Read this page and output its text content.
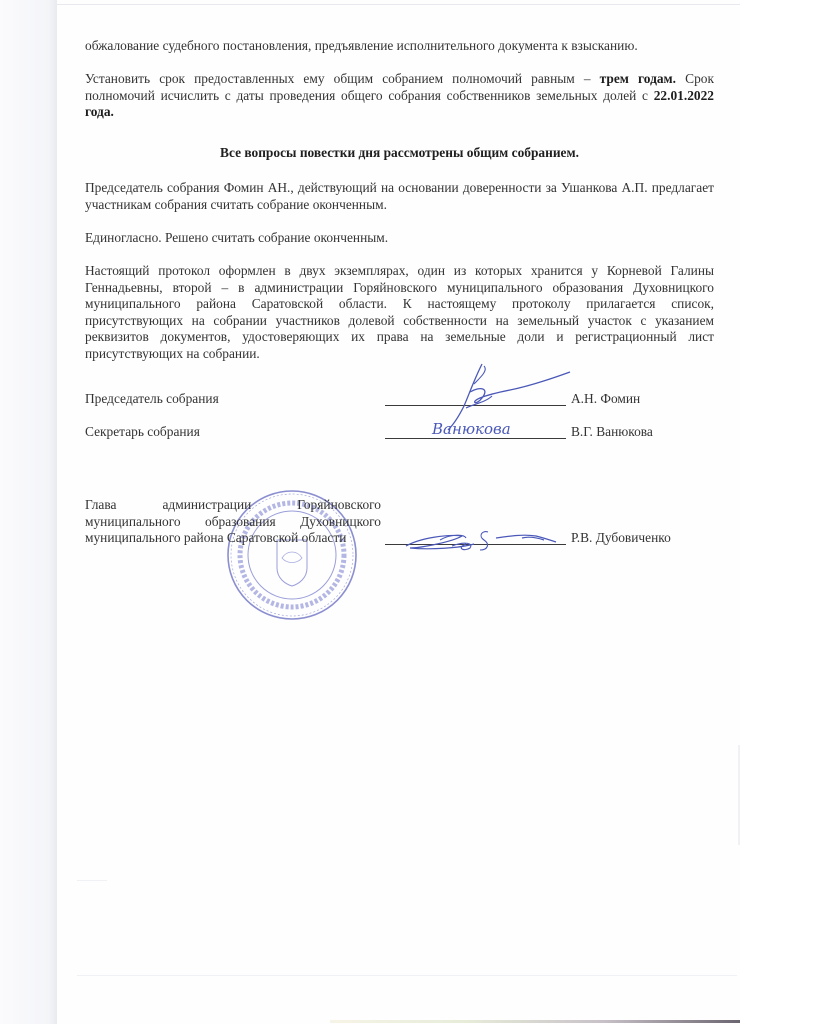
обжалование судебного постановления, предъявление исполнительного документа к взысканию.
Установить срок предоставленных ему общим собранием полномочий равным – трем годам. Срок полномочий исчислить с даты проведения общего собрания собственников земельных долей с 22.01.2022 года.
Все вопросы повестки дня рассмотрены общим собранием.
Председатель собрания Фомин АН., действующий на основании доверенности за Ушанкова А.П. предлагает участникам собрания считать собрание оконченным.
Единогласно. Решено считать собрание оконченным.
Настоящий протокол оформлен в двух экземплярах, один из которых хранится у Корневой Галины Геннадьевны, второй – в администрации Горяйновского муниципального образования Духовницкого муниципального района Саратовской области. К настоящему протоколу прилагается список, присутствующих на собрании участников долевой собственности на земельный участок с указанием реквизитов документов, удостоверяющих их права на земельные доли и регистрационный лист присутствующих на собрании.
Председатель собрания	А.Н. Фомин
Секретарь собрания	В.Г. Ванюкова
Ванюкова
Глава администрации Горяйновского муниципального образования Духовницкого муниципального района Саратовской области	Р.В. Дубовиченко
